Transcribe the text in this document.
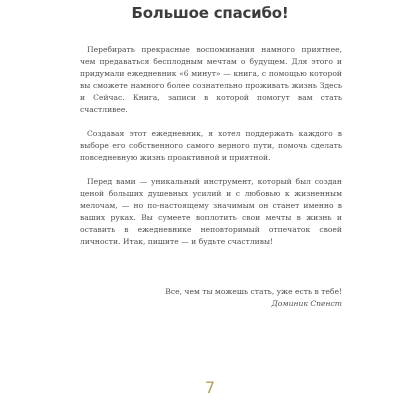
Большое спасибо!

Перебирать прекрасные воспоминания намного приятнее, чем предаваться бесплодным мечтам о будущем. Для этого и придумали ежедневник «6 минут» — книга, с помощью которой вы сможете намного более сознательно проживать жизнь Здесь и Сейчас. Книга, записи в которой помогут вам стать счастливее.

Создавая этот ежедневник, я хотел поддержать каждого в выборе его собственного самого верного пути, помочь сделать повседневную жизнь проактивной и приятной.

Перед вами — уникальный инструмент, который был создан ценой больших душевных усилий и с любовью к жизненным мелочам, — но по-настоящему значимым он станет именно в ваших руках. Вы сумеете воплотить свои мечты в жизнь и оставить в ежедневнике неповторимый отпечаток своей личности. Итак, пишите — и будьте счастливы!

Все, чем ты можешь стать, уже есть в тебе!

Доминик Спенст

7
